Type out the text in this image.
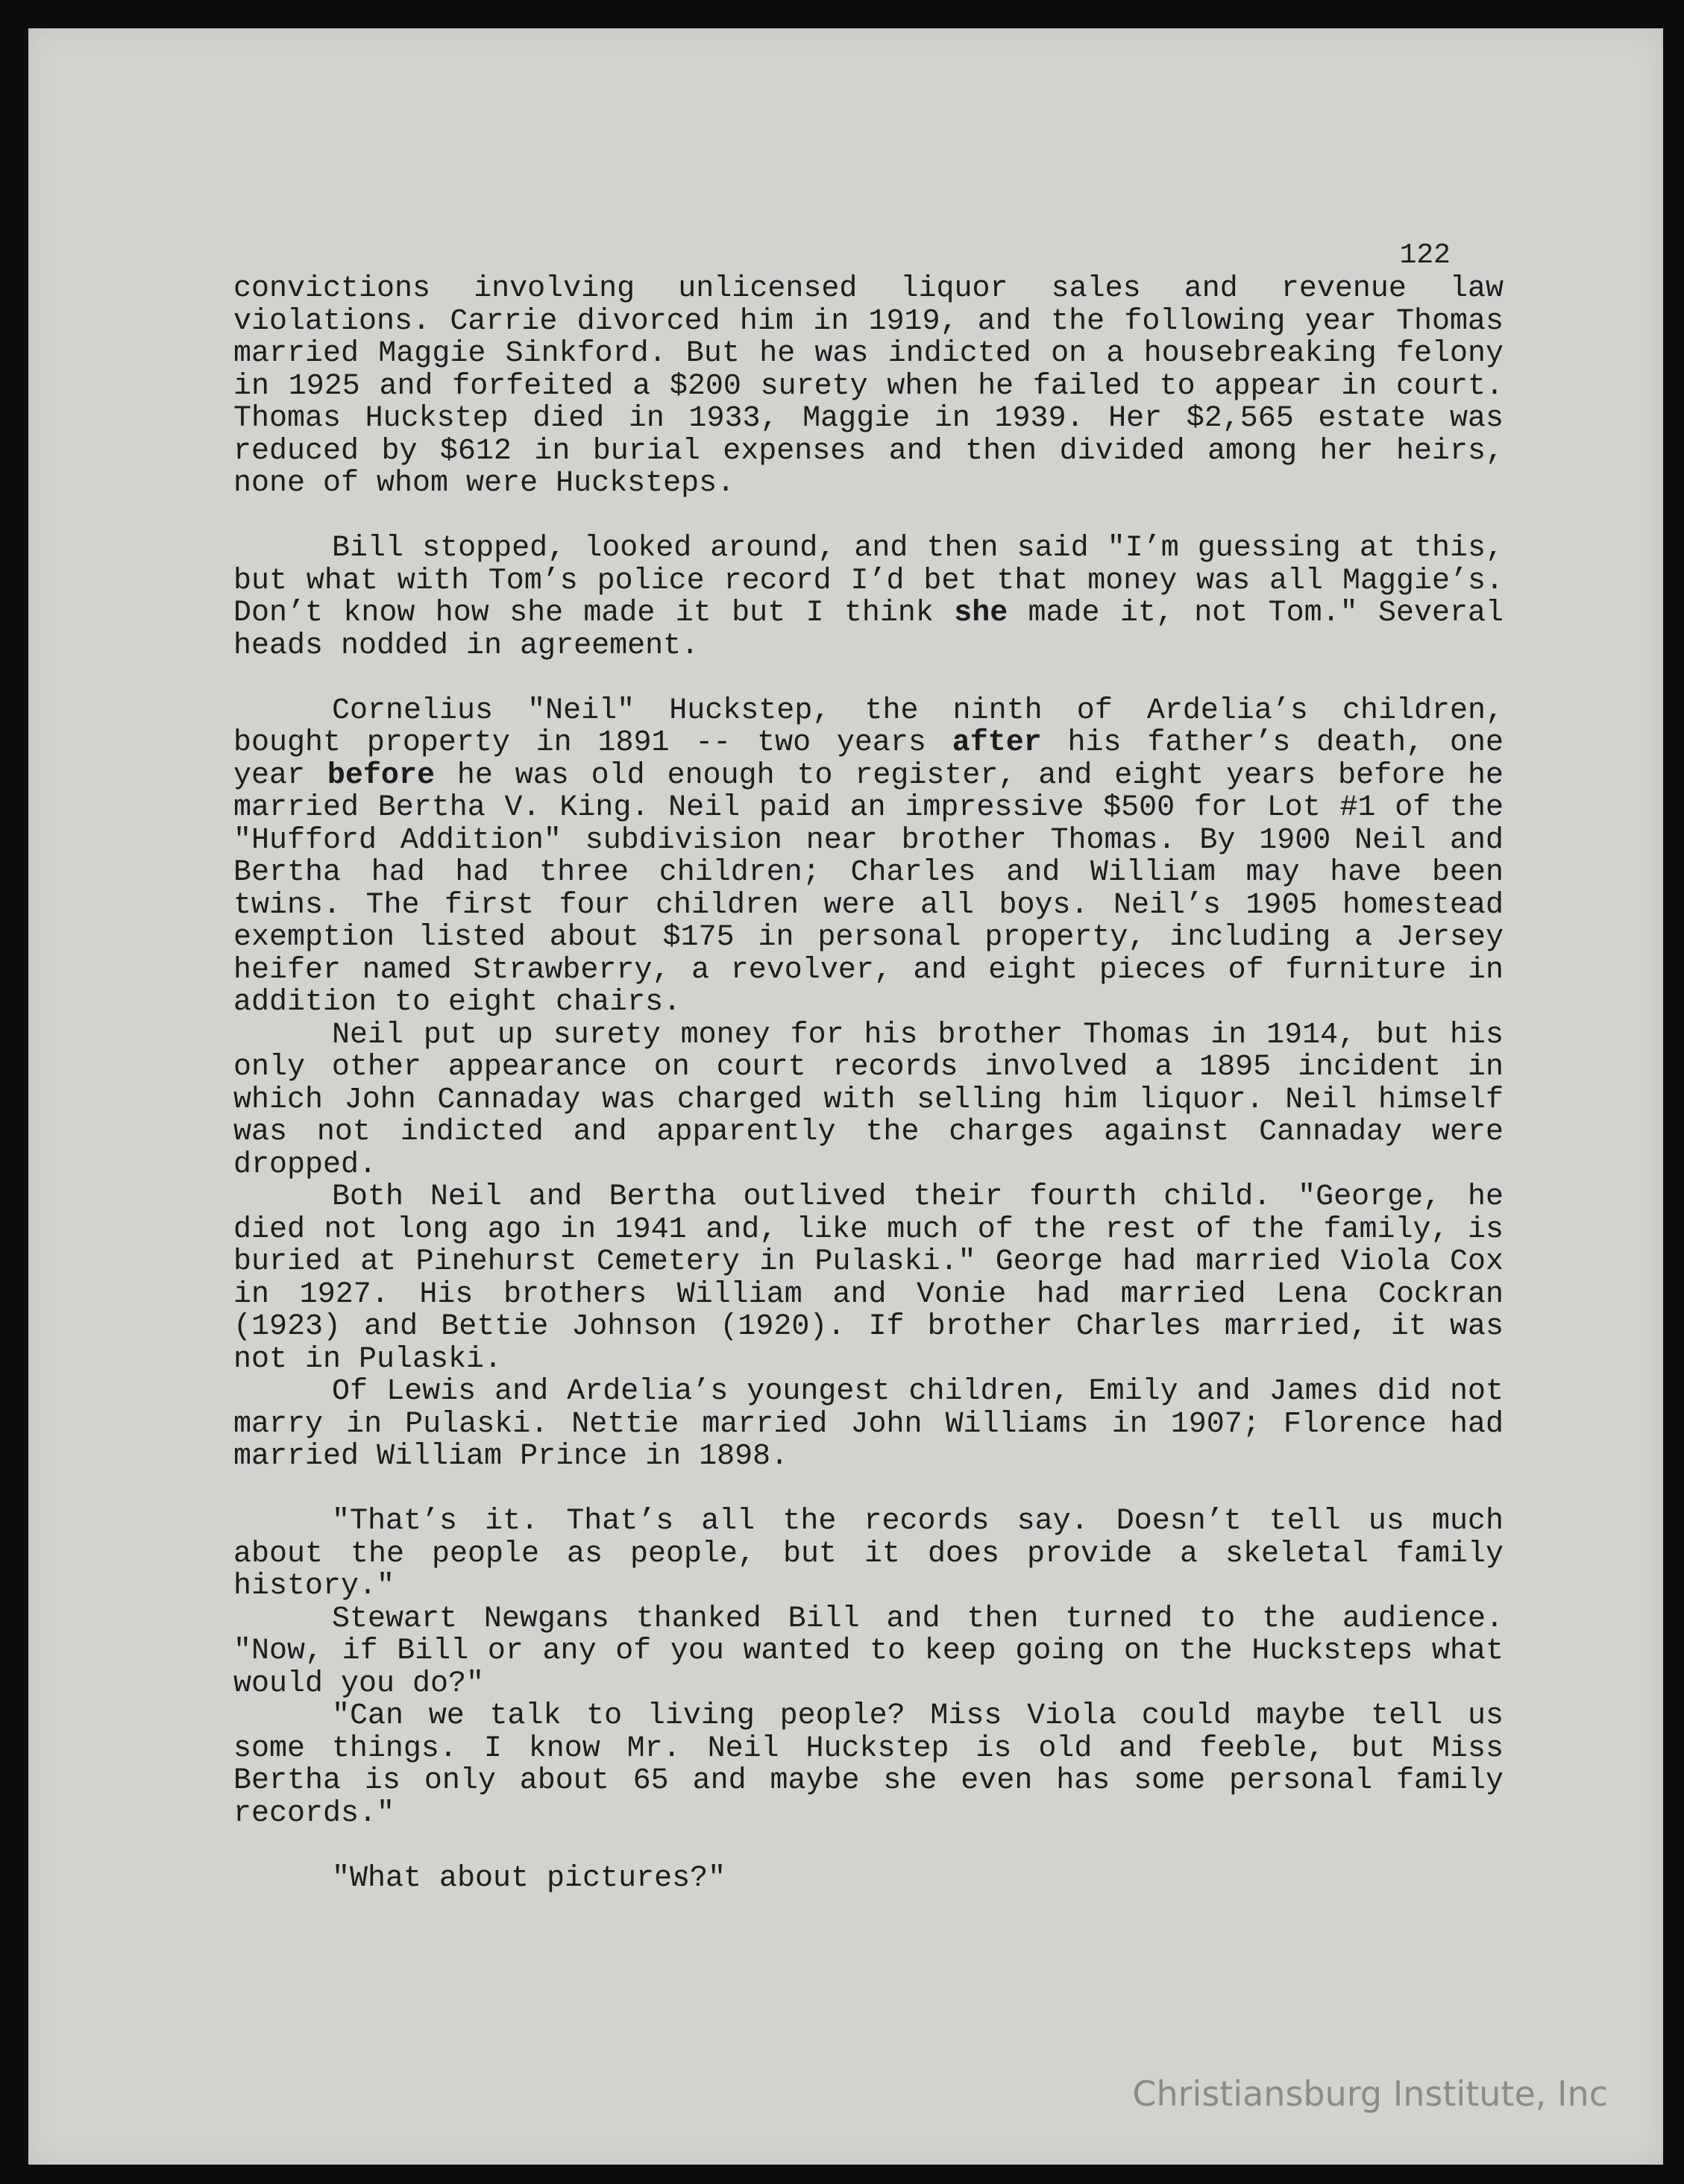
122

convictions involving unlicensed liquor sales and revenue law violations. Carrie divorced him in 1919, and the following year Thomas married Maggie Sinkford. But he was indicted on a housebreaking felony in 1925 and forfeited a $200 surety when he failed to appear in court. Thomas Huckstep died in 1933, Maggie in 1939. Her $2,565 estate was reduced by $612 in burial expenses and then divided among her heirs, none of whom were Hucksteps.

Bill stopped, looked around, and then said "I’m guessing at this, but what with Tom’s police record I’d bet that money was all Maggie’s. Don’t know how she made it but I think she made it, not Tom." Several heads nodded in agreement.

Cornelius "Neil" Huckstep, the ninth of Ardelia’s children, bought property in 1891 -- two years after his father’s death, one year before he was old enough to register, and eight years before he married Bertha V. King. Neil paid an impressive $500 for Lot #1 of the "Hufford Addition" subdivision near brother Thomas. By 1900 Neil and Bertha had had three children; Charles and William may have been twins. The first four children were all boys. Neil’s 1905 homestead exemption listed about $175 in personal property, including a Jersey heifer named Strawberry, a revolver, and eight pieces of furniture in addition to eight chairs.

Neil put up surety money for his brother Thomas in 1914, but his only other appearance on court records involved a 1895 incident in which John Cannaday was charged with selling him liquor. Neil himself was not indicted and apparently the charges against Cannaday were dropped.

Both Neil and Bertha outlived their fourth child. "George, he died not long ago in 1941 and, like much of the rest of the family, is buried at Pinehurst Cemetery in Pulaski." George had married Viola Cox in 1927. His brothers William and Vonie had married Lena Cockran (1923) and Bettie Johnson (1920). If brother Charles married, it was not in Pulaski.

Of Lewis and Ardelia’s youngest children, Emily and James did not marry in Pulaski. Nettie married John Williams in 1907; Florence had married William Prince in 1898.

"That’s it. That’s all the records say. Doesn’t tell us much about the people as people, but it does provide a skeletal family history."

Stewart Newgans thanked Bill and then turned to the audience. "Now, if Bill or any of you wanted to keep going on the Hucksteps what would you do?"

"Can we talk to living people? Miss Viola could maybe tell us some things. I know Mr. Neil Huckstep is old and feeble, but Miss Bertha is only about 65 and maybe she even has some personal family records."

"What about pictures?"

Christiansburg Institute, Inc
